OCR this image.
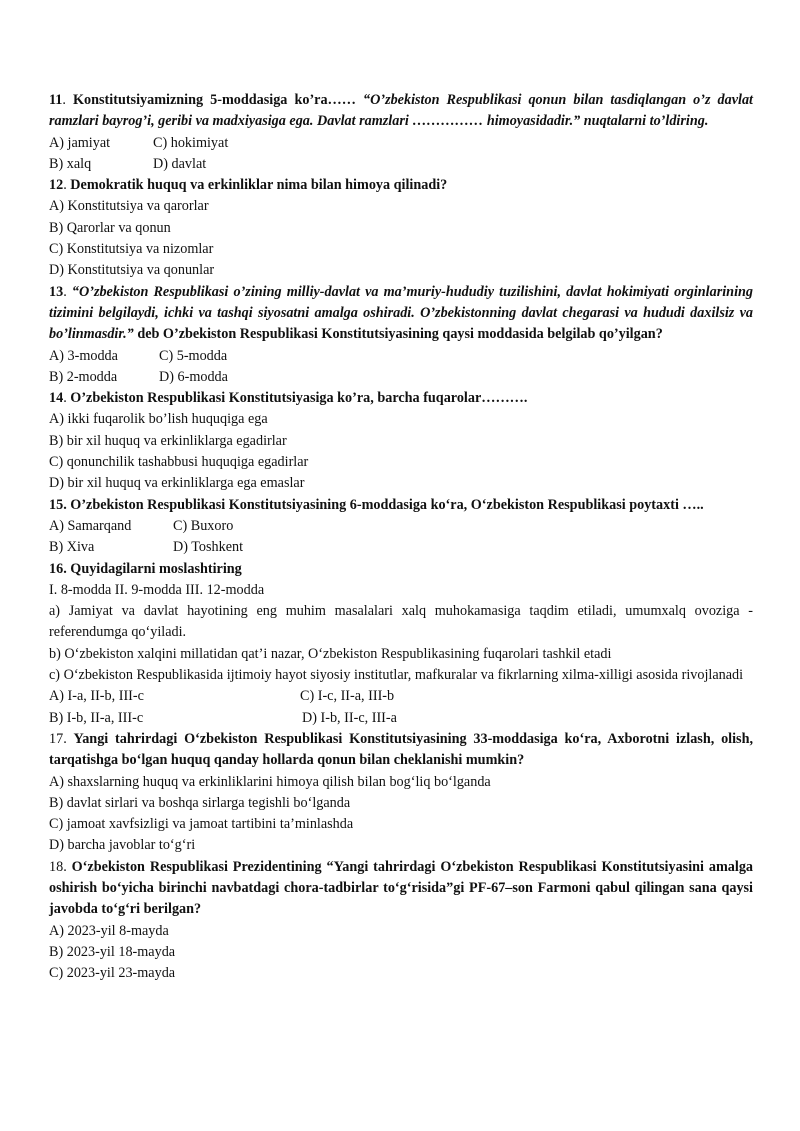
11. Konstitutsiyamizning 5-moddasiga ko’ra…… “O’zbekiston Respublikasi qonun bilan tasdiqlangan o’z davlat ramzlari bayrog’i, geribi va madxiyasiga ega. Davlat ramzlari …………… himoyasidadir.” nuqtalarni to’ldiring.

A) jamiyat	C) hokimiyat

B) xalq	D) davlat

12. Demokratik huquq va erkinliklar nima bilan himoya qilinadi?

A) Konstitutsiya va qarorlar

B) Qarorlar va qonun

C) Konstitutsiya va nizomlar

D) Konstitutsiya va qonunlar

13. “O’zbekiston Respublikasi o’zining milliy-davlat va ma’muriy-hududiy tuzilishini, davlat hokimiyati orginlarining tizimini belgilaydi, ichki va tashqi siyosatni amalga oshiradi. O’zbekistonning davlat chegarasi va hududi daxilsiz va bo’linmasdir.” deb O’zbekiston Respublikasi Konstitutsiyasining qaysi moddasida belgilab qo’yilgan?

A) 3-modda	C) 5-modda

B) 2-modda	D) 6-modda

14. O’zbekiston Respublikasi Konstitutsiyasiga ko’ra, barcha fuqarolar……….

A) ikki fuqarolik bo’lish huquqiga ega

B) bir xil huquq va erkinliklarga egadirlar

C) qonunchilik tashabbusi huquqiga egadirlar

D) bir xil huquq va erkinliklarga ega emaslar

15. O’zbekiston Respublikasi Konstitutsiyasining 6-moddasiga ko‘ra, O‘zbekiston Respublikasi poytaxti …..

A) Samarqand	C) Buxoro

B) Xiva	D) Toshkent

16. Quyidagilarni moslashtiring

I. 8-modda II. 9-modda III. 12-modda

a) Jamiyat va davlat hayotining eng muhim masalalari xalq muhokamasiga taqdim etiladi, umumxalq ovoziga - referendumga qo‘yiladi.

b) O‘zbekiston xalqini millatidan qat’i nazar, O‘zbekiston Respublikasining fuqarolari tashkil etadi

c) O‘zbekiston Respublikasida ijtimoiy hayot siyosiy institutlar, mafkuralar va fikrlarning xilma-xilligi asosida rivojlanadi

A) I-a, II-b, III-c	C) I-c, II-a, III-b

B) I-b, II-a, III-c	D) I-b, II-c, III-a

17. Yangi tahrirdagi O‘zbekiston Respublikasi Konstitutsiyasining 33-moddasiga ko‘ra, Axborotni izlash, olish, tarqatishga bo‘lgan huquq qanday hollarda qonun bilan cheklanishi mumkin?

A) shaxslarning huquq va erkinliklarini himoya qilish bilan bog‘liq bo‘lganda

B) davlat sirlari va boshqa sirlarga tegishli bo‘lganda

C) jamoat xavfsizligi va jamoat tartibini ta’minlashda

D) barcha javoblar to‘g‘ri

18. O‘zbekiston Respublikasi Prezidentining “Yangi tahrirdagi O‘zbekiston Respublikasi Konstitutsiyasini amalga oshirish bo‘yicha birinchi navbatdagi chora-tadbirlar to‘g‘risida”gi PF-67–son Farmoni qabul qilingan sana qaysi javobda to‘g‘ri berilgan?

A) 2023-yil 8-mayda

B) 2023-yil 18-mayda

C) 2023-yil 23-mayda
